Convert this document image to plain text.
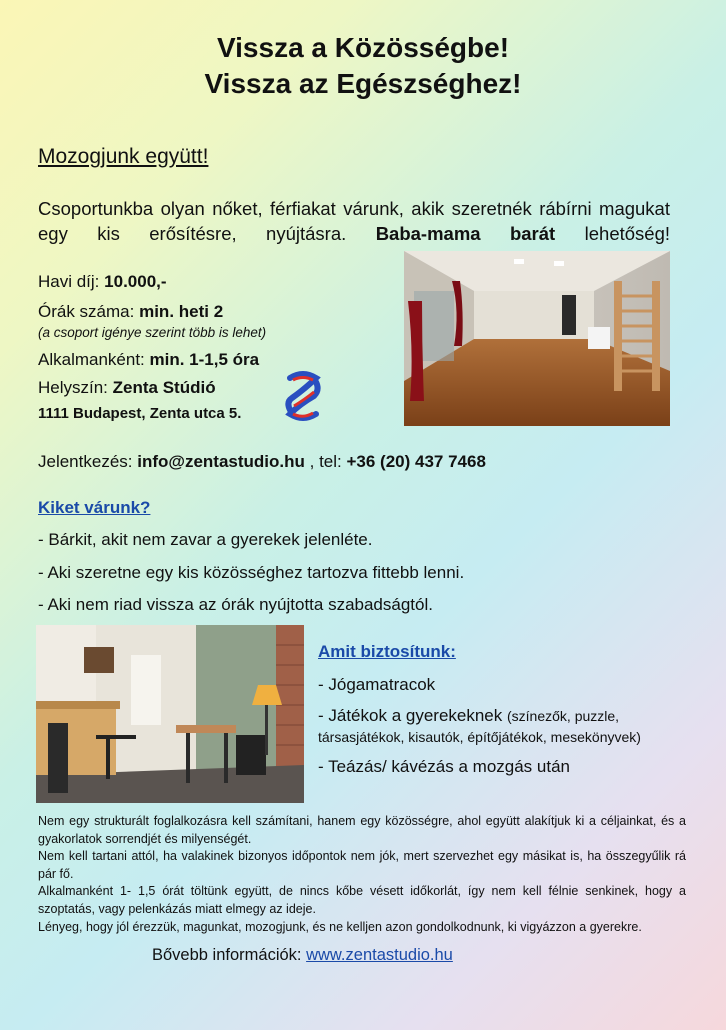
Vissza a Közösségbe!
Vissza az Egészséghez!
Mozogjunk együtt!
Csoportunkba olyan nőket, férfiakat várunk, akik szeretnék rábírni magukat egy kis erősítésre, nyújtásra. Baba-mama barát lehetőség!
Havi díj: 10.000,-
Órák száma: min. heti 2
(a csoport igénye szerint több is lehet)
Alkalmanként: min. 1-1,5 óra
Helyszín: Zenta Stúdió
1111 Budapest, Zenta utca 5.
Jelentkezés: info@zentastudio.hu , tel: +36 (20) 437 7468
Kiket várunk?
- Bárkit, akit nem zavar a gyerekek jelenléte.
- Aki szeretne egy kis közösséghez tartozva fittebb lenni.
- Aki nem riad vissza az órák nyújtotta szabadságtól.
Amit biztosítunk:
- Jógamatracok
- Játékok a gyerekeknek (színezők, puzzle,
társasjátékok, kisautók, építőjátékok, mesekönyvek)
- Teázás/ kávézás a mozgás után

Nem egy strukturált foglalkozásra kell számítani, hanem egy közösségre, ahol együtt alakítjuk ki a céljainkat, és a gyakorlatok sorrendjét és milyenségét.

Nem kell tartani attól, ha valakinek bizonyos időpontok nem jók, mert szervezhet egy másikat is, ha összegyűlik rá pár fő.

Alkalmanként 1- 1,5 órát töltünk együtt, de nincs kőbe vésett időkorlát, így nem kell félnie senkinek, hogy a szoptatás, vagy pelenkázás miatt elmegy az ideje.

Lényeg, hogy jól érezzük, magunkat, mozogjunk, és ne kelljen azon gondolkodnunk, ki vigyázzon a gyerekre.

Bővebb információk: www.zentastudio.hu
